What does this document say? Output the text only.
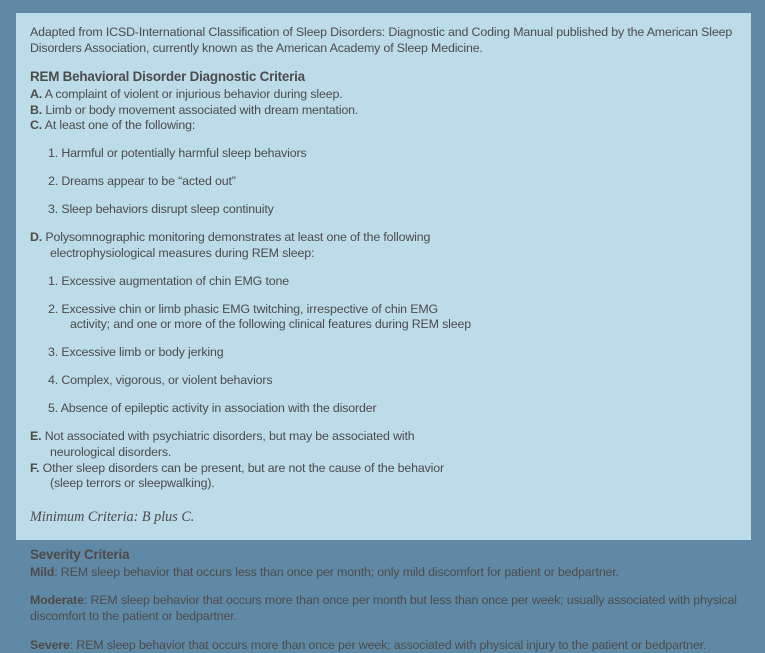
Adapted from ICSD-International Classification of Sleep Disorders: Diagnostic and Coding Manual published by the American Sleep Disorders Association, currently known as the American Academy of Sleep Medicine.

REM Behavioral Disorder Diagnostic Criteria

A. A complaint of violent or injurious behavior during sleep.

B. Limb or body movement associated with dream mentation.

C. At least one of the following:

1. Harmful or potentially harmful sleep behaviors

2. Dreams appear to be “acted out”

3. Sleep behaviors disrupt sleep continuity

D. Polysomnographic monitoring demonstrates at least one of the following
electrophysiological measures during REM sleep:

1. Excessive augmentation of chin EMG tone

2. Excessive chin or limb phasic EMG twitching, irrespective of chin EMG
activity; and one or more of the following clinical features during REM sleep

3. Excessive limb or body jerking

4. Complex, vigorous, or violent behaviors

5. Absence of epileptic activity in association with the disorder

E. Not associated with psychiatric disorders, but may be associated with
neurological disorders.

F. Other sleep disorders can be present, but are not the cause of the behavior
(sleep terrors or sleepwalking).

Minimum Criteria: B plus C.

Severity Criteria

Mild: REM sleep behavior that occurs less than once per month; only mild discomfort for patient or bedpartner.

Moderate: REM sleep behavior that occurs more than once per month but less than once per week; usually associated with physical discomfort to the patient or bedpartner.

Severe: REM sleep behavior that occurs more than once per week; associated with physical injury to the patient or bedpartner.
